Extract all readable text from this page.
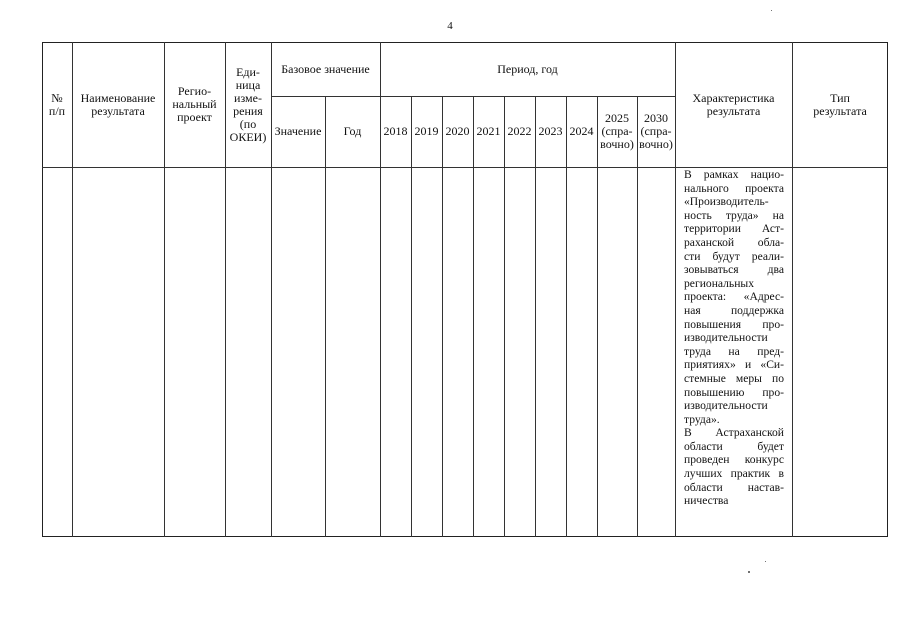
4
№
п/п
Наименование
результата
Регио-
нальный
проект
Еди-
ница
изме-
рения
(по
ОКЕИ)
Базовое значение
Значение Год
Период, год
2018 2019 2020 2021 2022 2023 2024
2025
(спра-
вочно)
2030
(спра-
вочно)
Характеристика
результата
Тип
результата
В рамках нацио-
нального проекта
«Производитель-
ность труда» на
территории Аст-
раханской обла-
сти будут реали-
зовываться два
региональных
проекта: «Адрес-
ная поддержка
повышения про-
изводительности
труда на пред-
приятиях» и «Си-
стемные меры по
повышению про-
изводительности
труда».
В Астраханской
области будет
проведен конкурс
лучших практик в
области настав-
ничества
